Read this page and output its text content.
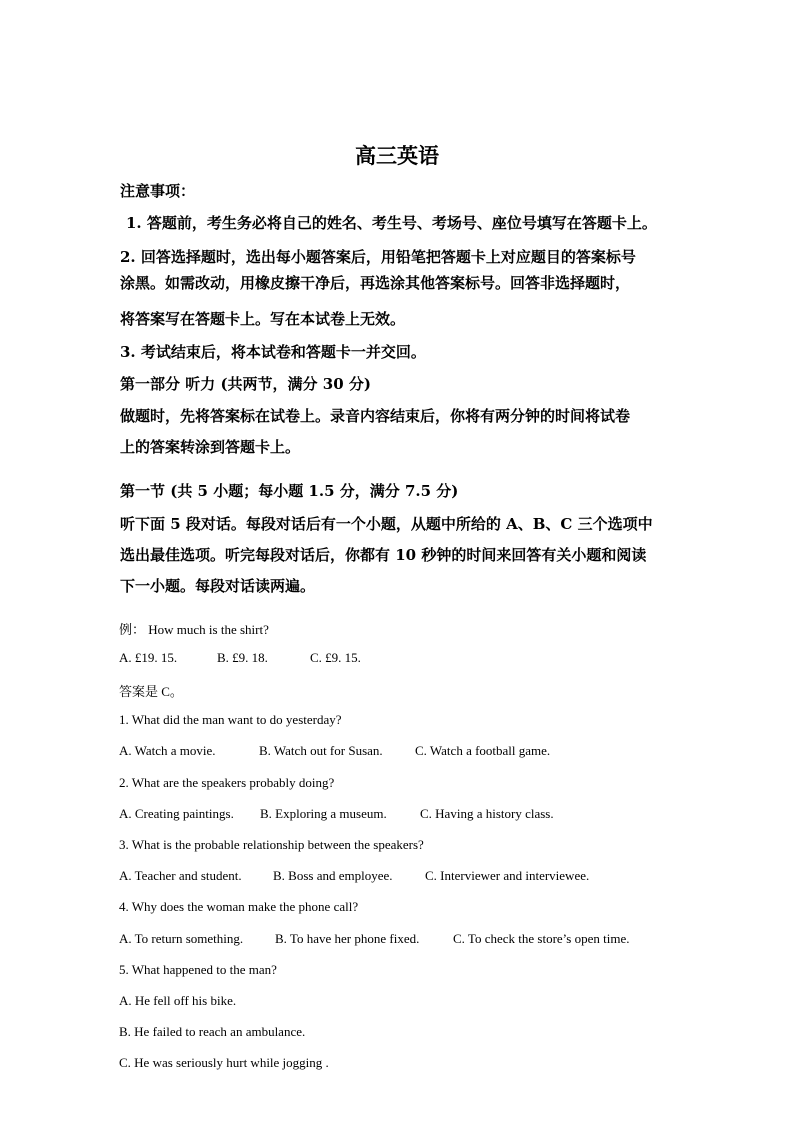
高三英语
注意事项：
1. 答题前，考生务必将自己的姓名、考生号、考场号、座位号填写在答题卡上。
2. 回答选择题时，选出每小题答案后，用铅笔把答题卡上对应题目的答案标号
涂黑。如需改动，用橡皮擦干净后，再选涂其他答案标号。回答非选择题时，
将答案写在答题卡上。写在本试卷上无效。
3. 考试结束后，将本试卷和答题卡一并交回。
第一部分 听力 (共两节，满分 30 分)
做题时，先将答案标在试卷上。录音内容结束后，你将有两分钟的时间将试卷
上的答案转涂到答题卡上。
第一节 (共 5 小题；每小题 1.5 分，满分 7.5 分)
听下面 5 段对话。每段对话后有一个小题，从题中所给的 A、B、C 三个选项中
选出最佳选项。听完每段对话后，你都有 10 秒钟的时间来回答有关小题和阅读
下一小题。每段对话读两遍。
例： How much is the shirt?
A. £19. 15.	B. £9. 18.	C. £9. 15.
答案是 C。
1. What did the man want to do yesterday?
A. Watch a movie.	B. Watch out for Susan. C. Watch a football game.
2. What are the speakers probably doing?
A. Creating paintings. B. Exploring a museum.	C. Having a history class.
3. What is the probable relationship between the speakers?
A. Teacher and student. B. Boss and employee. C. Interviewer and interviewee.
4. Why does the woman make the phone call?
A. To return something. B. To have her phone fixed.	C. To check the store’s open time.
5. What happened to the man?
A. He fell off his bike.
B. He failed to reach an ambulance.
C. He was seriously hurt while jogging .
